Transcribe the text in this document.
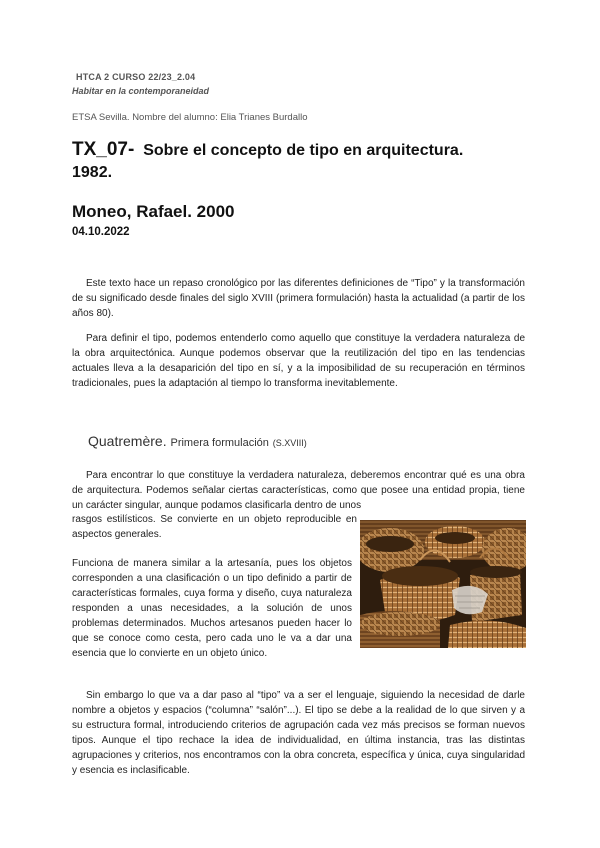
HTCA 2 CURSO 22/23_2.04
Habitar en la contemporaneidad
ETSA Sevilla. Nombre del alumno: Elia Trianes Burdallo
TX_07- Sobre el concepto de tipo en arquitectura.
1982.
Moneo, Rafael. 2000
04.10.2022
Este texto hace un repaso cronológico por las diferentes definiciones de “Tipo” y la transformación de su significado desde finales del siglo XVIII (primera formulación) hasta la actualidad (a partir de los años 80).
Para definir el tipo, podemos entenderlo como aquello que constituye la verdadera naturaleza de la obra arquitectónica. Aunque podemos observar que la reutilización del tipo en las tendencias actuales lleva a la desaparición del tipo en sí, y a la imposibilidad de su recuperación en términos tradicionales, pues la adaptación al tiempo lo transforma inevitablemente.
Quatremère. Primera formulación (S.XVIII)
Para encontrar lo que constituye la verdadera naturaleza, deberemos encontrar qué es una obra de arquitectura. Podemos señalar ciertas características, como que posee una entidad propia, tiene un carácter singular, aunque podamos clasificarla dentro de unos
rasgos estilísticos. Se convierte en un objeto reproducible en aspectos generales.
Funciona de manera similar a la artesanía, pues los objetos corresponden a una clasificación o un tipo definido a partir de características formales, cuya forma y diseño, cuya naturaleza responden a unas necesidades, a la solución de unos problemas determinados. Muchos artesanos pueden hacer lo que se conoce como cesta, pero cada uno le va a dar una esencia que lo convierte en un objeto único.
Sin embargo lo que va a dar paso al “tipo” va a ser el lenguaje, siguiendo la necesidad de darle nombre a objetos y espacios (“columna” “salón”...). El tipo se debe a la realidad de lo que sirven y a su estructura formal, introduciendo criterios de agrupación cada vez más precisos se forman nuevos tipos. Aunque el tipo rechace la idea de individualidad, en última instancia, tras las distintas agrupaciones y criterios, nos encontramos con la obra concreta, específica y única, cuya singularidad y esencia es inclasificable.
